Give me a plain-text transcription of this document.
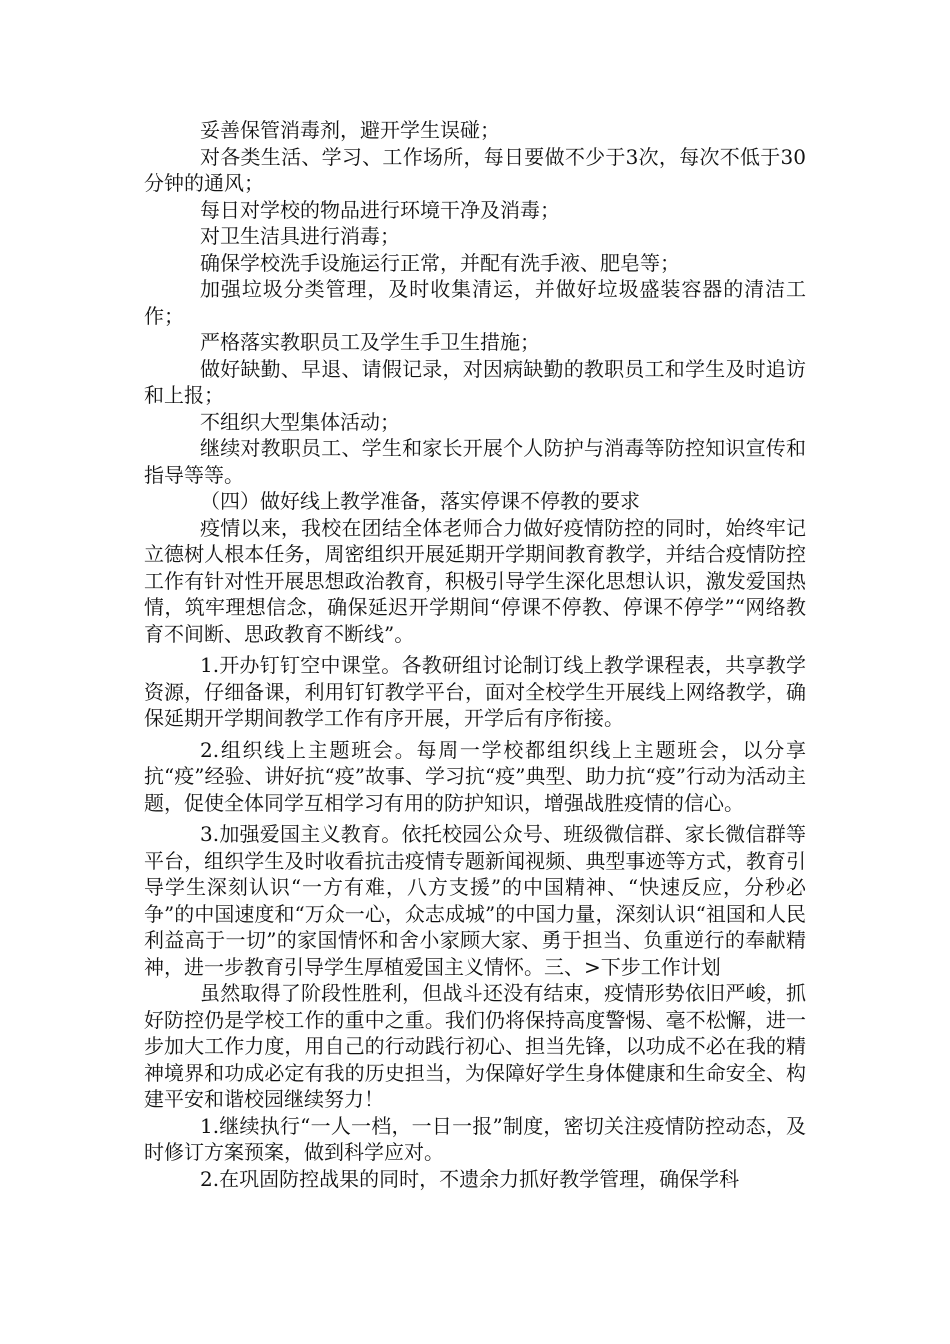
妥善保管消毒剂，避开学生误碰；

对各类生活、学习、工作场所，每日要做不少于3次，每次不低于30分钟的通风；

每日对学校的物品进行环境干净及消毒；

对卫生洁具进行消毒；

确保学校洗手设施运行正常，并配有洗手液、肥皂等；

加强垃圾分类管理，及时收集清运，并做好垃圾盛装容器的清洁工作；

严格落实教职员工及学生手卫生措施；

做好缺勤、早退、请假记录，对因病缺勤的教职员工和学生及时追访和上报；

不组织大型集体活动；

继续对教职员工、学生和家长开展个人防护与消毒等防控知识宣传和指导等等。

（四）做好线上教学准备，落实停课不停教的要求

疫情以来，我校在团结全体老师合力做好疫情防控的同时，始终牢记立德树人根本任务，周密组织开展延期开学期间教育教学，并结合疫情防控工作有针对性开展思想政治教育，积极引导学生深化思想认识，激发爱国热情，筑牢理想信念，确保延迟开学期间“停课不停教、停课不停学”“网络教育不间断、思政教育不断线”。

1.开办钉钉空中课堂。各教研组讨论制订线上教学课程表，共享教学资源，仔细备课，利用钉钉教学平台，面对全校学生开展线上网络教学，确保延期开学期间教学工作有序开展，开学后有序衔接。

2.组织线上主题班会。每周一学校都组织线上主题班会，以分享抗“疫”经验、讲好抗“疫”故事、学习抗“疫”典型、助力抗“疫”行动为活动主题，促使全体同学互相学习有用的防护知识，增强战胜疫情的信心。

3.加强爱国主义教育。依托校园公众号、班级微信群、家长微信群等平台，组织学生及时收看抗击疫情专题新闻视频、典型事迹等方式，教育引导学生深刻认识“一方有难，八方支援”的中国精神、“快速反应，分秒必争”的中国速度和“万众一心，众志成城”的中国力量，深刻认识“祖国和人民利益高于一切”的家国情怀和舍小家顾大家、勇于担当、负重逆行的奉献精神，进一步教育引导学生厚植爱国主义情怀。三、>下步工作计划

虽然取得了阶段性胜利，但战斗还没有结束，疫情形势依旧严峻，抓好防控仍是学校工作的重中之重。我们仍将保持高度警惕、毫不松懈，进一步加大工作力度，用自己的行动践行初心、担当先锋，以功成不必在我的精神境界和功成必定有我的历史担当，为保障好学生身体健康和生命安全、构建平安和谐校园继续努力！

1.继续执行“一人一档，一日一报”制度，密切关注疫情防控动态，及时修订方案预案，做到科学应对。

2.在巩固防控战果的同时，不遗余力抓好教学管理，确保学科
